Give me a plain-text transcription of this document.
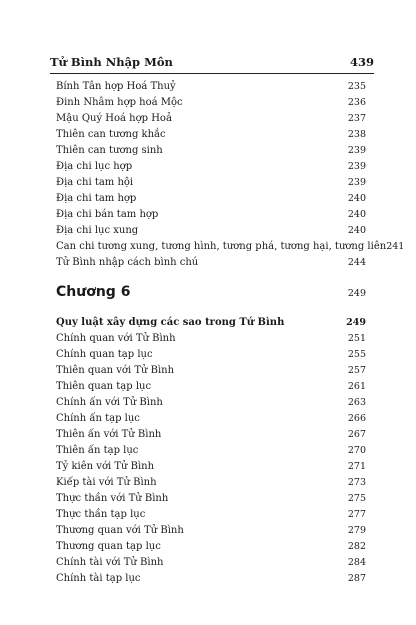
Tử Bình Nhập Môn	439
Bính Tân hợp Hoá Thuỷ	235
Đinh Nhâm hợp hoá Mộc	236
Mậu Quý Hoá hợp Hoả	237
Thiên can tương khắc	238
Thiên can tương sinh	239
Địa chi lục hợp	239
Địa chi tam hội	239
Địa chi tam hợp	240
Địa chi bán tam hợp	240
Địa chi lục xung	240
Can chi tương xung, tương hình, tương phá, tương hại, tương liên 241
Tử Bình nhập cách bình chú	244
Chương 6	249
Quy luật xây dựng các sao trong Tứ Bình	249
Chính quan với Tử Bình	251
Chính quan tạp lục	255
Thiên quan với Tử Bình	257
Thiên quan tạp lục	261
Chính ấn với Tử Bình	263
Chính ấn tạp lục	266
Thiên ấn với Tử Bình	267
Thiên ấn tạp lục	270
Tỷ kiên với Tử Bình	271
Kiếp tài với Tử Bình	273
Thực thần với Tử Bình	275
Thực thần tạp lục	277
Thương quan với Tử Bình	279
Thương quan tạp lục	282
Chính tài với Tử Bình	284
Chính tài tạp lục	287
